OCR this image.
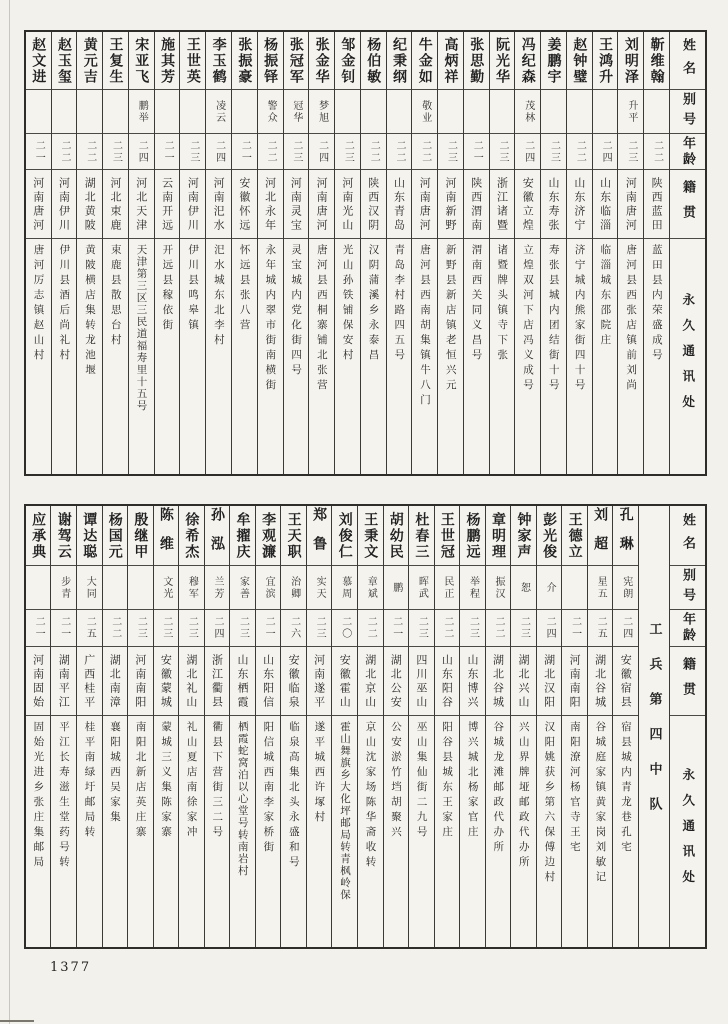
姓名
别号
年龄
籍贯
永久通讯处
靳维翰
二二
陕西蓝田
蓝田县内荣盛成号
刘明泽
升平
二三
河南唐河
唐河县西张店镇前刘尚
王鸿升
二四
山东临淄
临淄城东邵院庄
赵钟璧
二二
山东济宁
济宁城内熊家街四十号
姜鹏宇
二三
山东寿张
寿张县城内团结街十号
冯纪森
茂林
二四
安徽立煌
立煌双河下店冯义成号
阮光华
二三
浙江诸暨
诸暨牌头镇寺下张
张思勤
二一
陕西渭南
渭南西关同义昌号
高炳祥
二三
河南新野
新野县新店镇老恒兴元
牛金如
敬业
二二
河南唐河
唐河县西南胡集镇牛八门
纪秉纲
二二
山东青岛
青岛李村路四五号
杨伯敏
二二
陕西汉阴
汉阴蒲溪乡永泰昌
邹金钊
二三
河南光山
光山孙铁铺保安村
张金华
梦旭
二四
河南唐河
唐河县西桐寨铺北张营
张冠军
冠华
二三
河南灵宝
灵宝城内党化街四号
杨振铎
警众
二二
河北永年
永年城内翠市街南横街
张振豪
二一
安徽怀远
怀远县张八营
李玉鹤
凌云
二四
河南汜水
汜水城东北李村
王世英
二三
河南伊川
伊川县鸣皋镇
施其芳
二一
云南开远
开远县稼依街
宋亚飞
鹏举
二四
河北天津
天津第三区三民道福寿里十五号
王复生
二三
河北束鹿
束鹿县散思台村
黄元吉
二二
湖北黄陂
黄陂横店集转龙池堰
赵玉玺
二二
河南伊川
伊川县酒后尚礼村
赵文进
二一
河南唐河
唐河厉志镇赵山村
姓名
别号
年龄
籍贯
永久通讯处
工兵第四中队
孔琳
宪朗
二四
安徽宿县
宿县城内青龙巷孔宅
刘超
星五
二五
湖北谷城
谷城庭家镇黄家岗刘敏记
王德立
二一
河南南阳
南阳潦河杨官寺王宅
彭光俊
介
二四
湖北汉阳
汉阳姚获乡第六保傅边村
钟家声
恕
二三
湖北兴山
兴山界牌垭邮政代办所
章明理
振汉
二二
湖北谷城
谷城龙滩邮政代办所
杨鹏远
举程
二三
山东博兴
博兴城北杨家官庄
王世冠
民正
二二
山东阳谷
阳谷县城东王家庄
杜春三
晖武
二三
四川巫山
巫山集仙街二九号
胡幼民
鹏
二一
湖北公安
公安淤竹垱胡聚兴
王秉文
章斌
二二
湖北京山
京山沈家场陈华斋收转
刘俊仁
慕周
二〇
安徽霍山
霍山舞旗乡大化坪邮局转青枫岭保
郑鲁
实天
二三
河南遂平
遂平城西许塚村
王天职
治卿
二六
安徽临泉
临泉高集北头永盛和号
李观濂
宜滨
二一
山东阳信
阳信城西南李家桥街
牟擢庆
家善
二三
山东栖霞
栖霞蛇窝泊以心堂号转南岩村
孙泓
兰芳
二四
浙江衢县
衢县下营街三二号
徐希杰
穆军
二三
湖北礼山
礼山夏店南徐家冲
陈维
文光
二三
安徽蒙城
蒙城三义集陈家寨
殷继甲
二三
河南南阳
南阳北新店英庄寨
杨国元
二二
湖北南漳
襄阳城西吴家集
谭达聪
大同
二五
广西桂平
桂平南绿圩邮局转
谢驾云
步青
二一
湖南平江
平江长寿滋生堂药号转
应承典
二一
河南固始
固始光进乡张庄集邮局
1377
